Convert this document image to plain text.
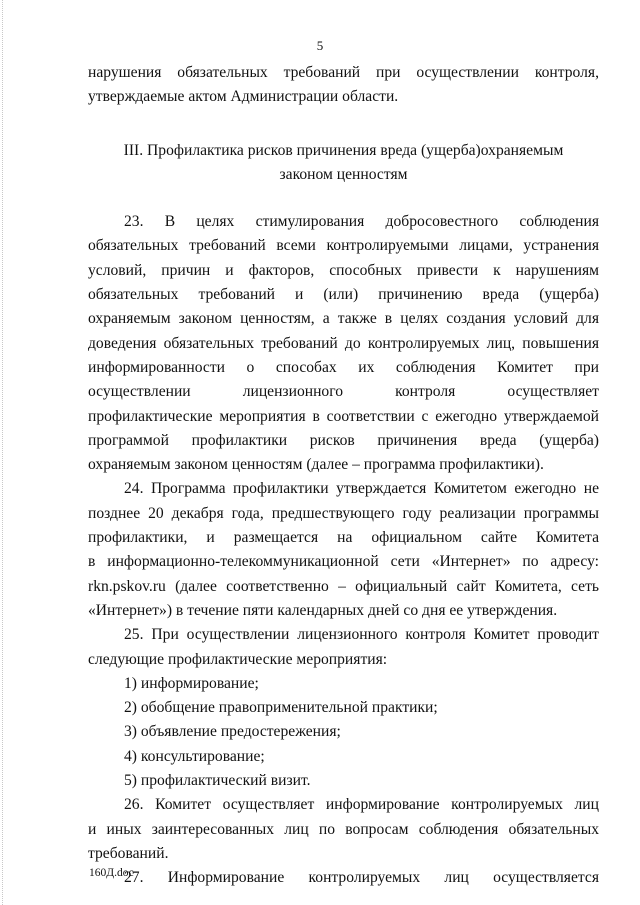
5
нарушения обязательных требований при осуществлении контроля,
утверждаемые актом Администрации области.
III. Профилактика рисков причинения вреда (ущерба)охраняемым
законом ценностям
23. В целях стимулирования добросовестного соблюдения
обязательных требований всеми контролируемыми лицами, устранения
условий, причин и факторов, способных привести к нарушениям
обязательных требований и (или) причинению вреда (ущерба)
охраняемым законом ценностям, а также в целях создания условий для
доведения обязательных требований до контролируемых лиц, повышения
информированности о способах их соблюдения Комитет при
осуществлении лицензионного контроля осуществляет
профилактические мероприятия в соответствии с ежегодно утверждаемой
программой профилактики рисков причинения вреда (ущерба)
охраняемым законом ценностям (далее – программа профилактики).
24. Программа профилактики утверждается Комитетом ежегодно не
позднее 20 декабря года, предшествующего году реализации программы
профилактики, и размещается на официальном сайте Комитета
в информационно-телекоммуникационной сети «Интернет» по адресу:
rkn.pskov.ru (далее соответственно – официальный сайт Комитета, сеть
«Интернет») в течение пяти календарных дней со дня ее утверждения.
25. При осуществлении лицензионного контроля Комитет проводит
следующие профилактические мероприятия:
1) информирование;
2) обобщение правоприменительной практики;
3) объявление предостережения;
4) консультирование;
5) профилактический визит.
26. Комитет осуществляет информирование контролируемых лиц
и иных заинтересованных лиц по вопросам соблюдения обязательных
требований.
27. Информирование контролируемых лиц осуществляется
160Д.doc
